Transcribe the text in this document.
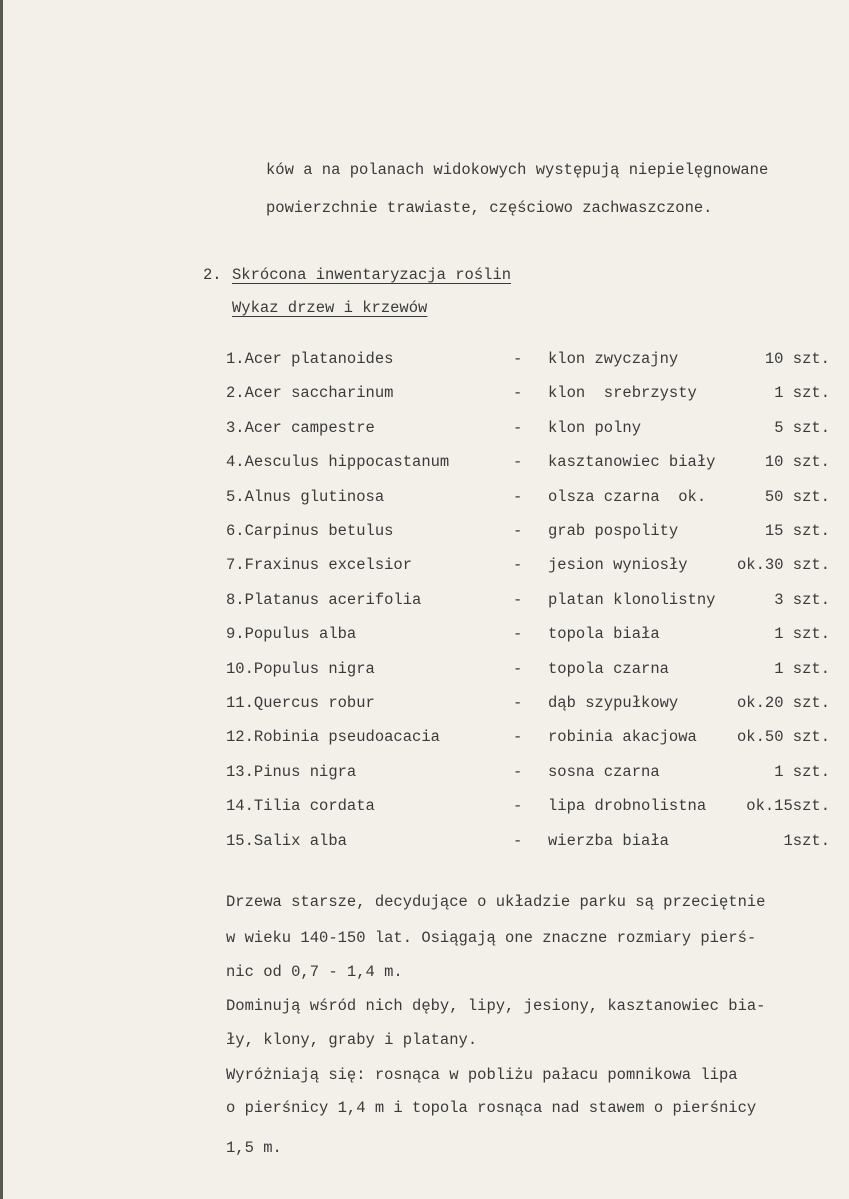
ków a na polanach widokowych występują niepielęgnowane
powierzchnie trawiaste, częściowo zachwaszczone.
2. Skrócona inwentaryzacja roślin
Wykaz drzew i krzewów
1.Acer platanoides	- klon zwyczajny	10 szt.
2.Acer saccharinum	- klon  srebrzysty	1 szt.
3.Acer campestre	- klon polny	5 szt.
4.Aesculus hippocastanum	- kasztanowiec biały	10 szt.
5.Alnus glutinosa	- olsza czarna  ok.	50 szt.
6.Carpinus betulus	- grab pospolity	15 szt.
7.Fraxinus excelsior	- jesion wyniosły	ok.30 szt.
8.Platanus acerifolia	- platan klonolistny	3 szt.
9.Populus alba	- topola biała	1 szt.
10.Populus nigra	- topola czarna	1 szt.
11.Quercus robur	- dąb szypułkowy	ok.20 szt.
12.Robinia pseudoacacia	- robinia akacjowa	ok.50 szt.
13.Pinus nigra	- sosna czarna	1 szt.
14.Tilia cordata	- lipa drobnolistna	ok.15szt.
15.Salix alba	- wierzba biała	1szt.
Drzewa starsze, decydujące o układzie parku są przeciętnie
w wieku 140-150 lat. Osiągają one znaczne rozmiary pierś-
nic od 0,7 - 1,4 m.
Dominują wśród nich dęby, lipy, jesiony, kasztanowiec bia-
ły, klony, graby i platany.
Wyróżniają się: rosnąca w pobliżu pałacu pomnikowa lipa
o pierśnicy 1,4 m i topola rosnąca nad stawem o pierśnicy
1,5 m.
